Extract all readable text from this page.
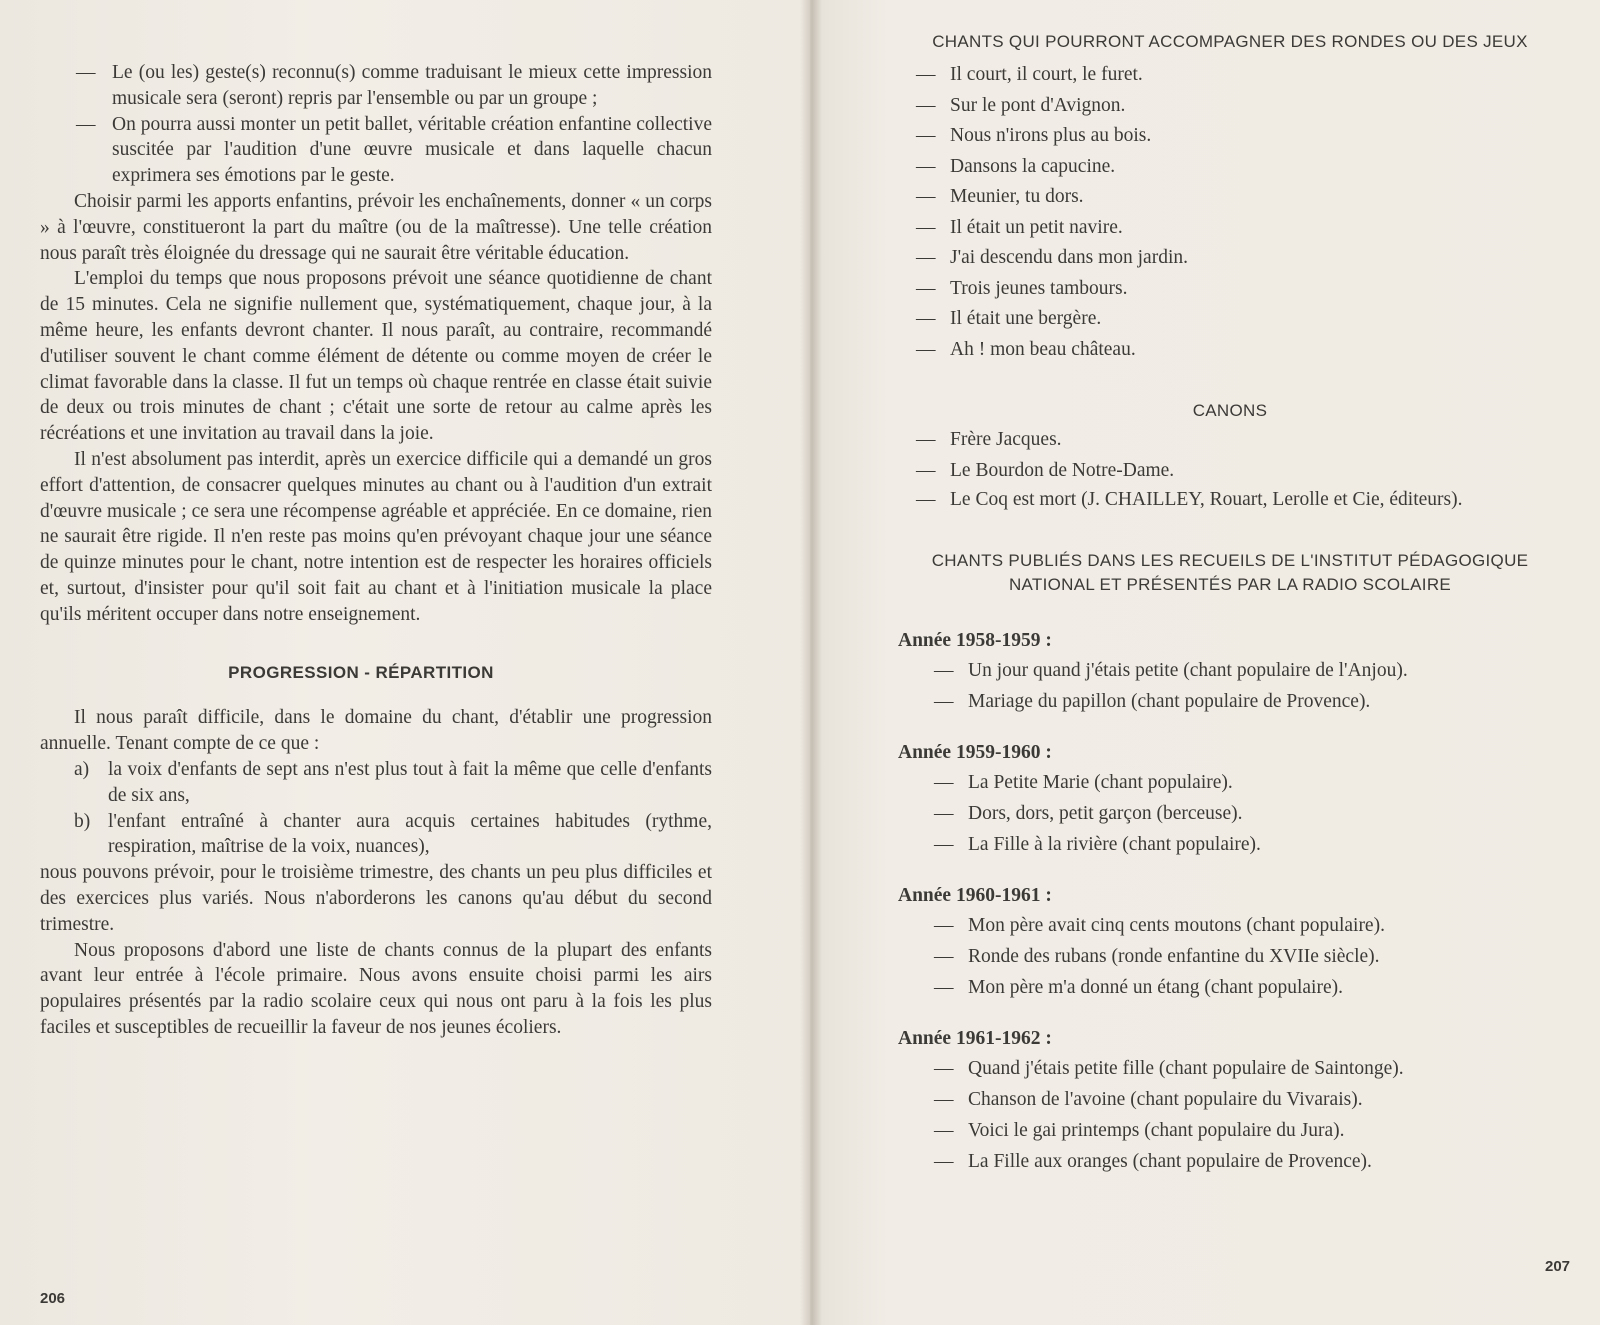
— Le (ou les) geste(s) reconnu(s) comme traduisant le mieux cette impression musicale sera (seront) repris par l'ensemble ou par un groupe ;

— On pourra aussi monter un petit ballet, véritable création enfantine collective suscitée par l'audition d'une œuvre musicale et dans laquelle chacun exprimera ses émotions par le geste.

Choisir parmi les apports enfantins, prévoir les enchaînements, donner « un corps » à l'œuvre, constitueront la part du maître (ou de la maîtresse). Une telle création nous paraît très éloignée du dressage qui ne saurait être véritable éducation.

L'emploi du temps que nous proposons prévoit une séance quotidienne de chant de 15 minutes. Cela ne signifie nullement que, systématiquement, chaque jour, à la même heure, les enfants devront chanter. Il nous paraît, au contraire, recommandé d'utiliser souvent le chant comme élément de détente ou comme moyen de créer le climat favorable dans la classe. Il fut un temps où chaque rentrée en classe était suivie de deux ou trois minutes de chant ; c'était une sorte de retour au calme après les récréations et une invitation au travail dans la joie.

Il n'est absolument pas interdit, après un exercice difficile qui a demandé un gros effort d'attention, de consacrer quelques minutes au chant ou à l'audition d'un extrait d'œuvre musicale ; ce sera une récompense agréable et appréciée. En ce domaine, rien ne saurait être rigide. Il n'en reste pas moins qu'en prévoyant chaque jour une séance de quinze minutes pour le chant, notre intention est de respecter les horaires officiels et, surtout, d'insister pour qu'il soit fait au chant et à l'initiation musicale la place qu'ils méritent occuper dans notre enseignement.

PROGRESSION - RÉPARTITION

Il nous paraît difficile, dans le domaine du chant, d'établir une progression annuelle. Tenant compte de ce que :

a) la voix d'enfants de sept ans n'est plus tout à fait la même que celle d'enfants de six ans,

b) l'enfant entraîné à chanter aura acquis certaines habitudes (rythme, respiration, maîtrise de la voix, nuances),

nous pouvons prévoir, pour le troisième trimestre, des chants un peu plus difficiles et des exercices plus variés. Nous n'aborderons les canons qu'au début du second trimestre.

Nous proposons d'abord une liste de chants connus de la plupart des enfants avant leur entrée à l'école primaire. Nous avons ensuite choisi parmi les airs populaires présentés par la radio scolaire ceux qui nous ont paru à la fois les plus faciles et susceptibles de recueillir la faveur de nos jeunes écoliers.

206
CHANTS QUI POURRONT ACCOMPAGNER DES RONDES OU DES JEUX
— Il court, il court, le furet.
— Sur le pont d'Avignon.
— Nous n'irons plus au bois.
— Dansons la capucine.
— Meunier, tu dors.
— Il était un petit navire.
— J'ai descendu dans mon jardin.
— Trois jeunes tambours.
— Il était une bergère.
— Ah ! mon beau château.
CANONS
— Frère Jacques.
— Le Bourdon de Notre-Dame.
— Le Coq est mort (J. CHAILLEY, Rouart, Lerolle et Cie, éditeurs).
CHANTS PUBLIÉS DANS LES RECUEILS DE L'INSTITUT PÉDAGOGIQUE
NATIONAL ET PRÉSENTÉS PAR LA RADIO SCOLAIRE
Année 1958-1959 :
— Un jour quand j'étais petite (chant populaire de l'Anjou).
— Mariage du papillon (chant populaire de Provence).
Année 1959-1960 :
— La Petite Marie (chant populaire).
— Dors, dors, petit garçon (berceuse).
— La Fille à la rivière (chant populaire).
Année 1960-1961 :
— Mon père avait cinq cents moutons (chant populaire).
— Ronde des rubans (ronde enfantine du XVIIe siècle).
— Mon père m'a donné un étang (chant populaire).
Année 1961-1962 :
— Quand j'étais petite fille (chant populaire de Saintonge).
— Chanson de l'avoine (chant populaire du Vivarais).
— Voici le gai printemps (chant populaire du Jura).
— La Fille aux oranges (chant populaire de Provence).
207
